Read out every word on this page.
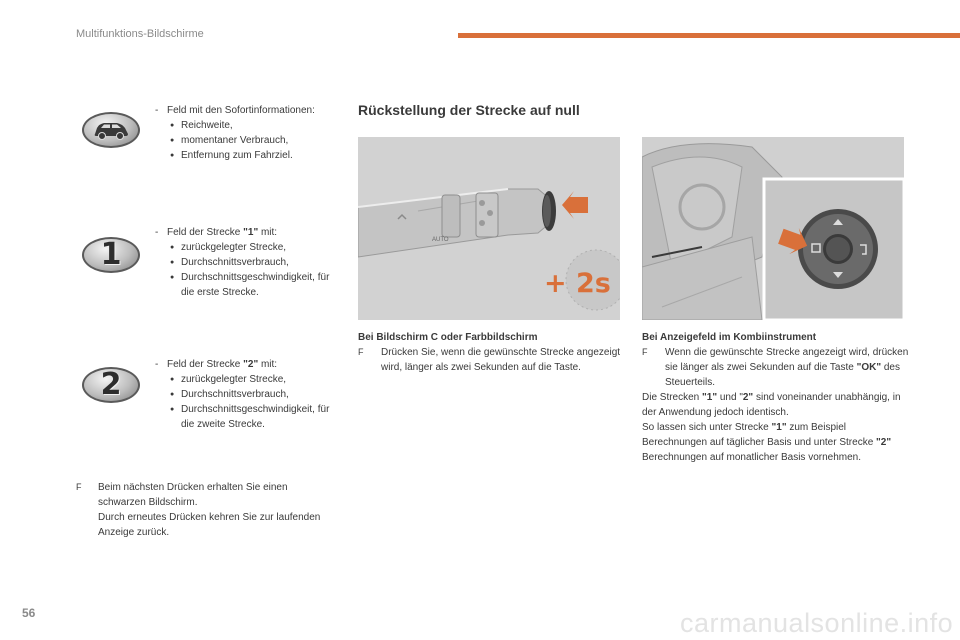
Multifunktions-Bildschirme
- Feld mit den Sofortinformationen:
● Reichweite,
● momentaner Verbrauch,
● Entfernung zum Fahrziel.
1
- Feld der Strecke "1" mit:
● zurückgelegter Strecke,
● Durchschnittsverbrauch,
● Durchschnittsgeschwindigkeit, für die erste Strecke.
2
- Feld der Strecke "2" mit:
● zurückgelegter Strecke,
● Durchschnittsverbrauch,
● Durchschnittsgeschwindigkeit, für die zweite Strecke.
F	Beim nächsten Drücken erhalten Sie einen schwarzen Bildschirm.
Durch erneutes Drücken kehren Sie zur laufenden Anzeige zurück.
Rückstellung der Strecke auf null
AUTO
+ 2s
Bei Bildschirm C oder Farbbildschirm
F Drücken Sie, wenn die gewünschte Strecke angezeigt wird, länger als zwei Sekunden auf die Taste.
Bei Anzeigefeld im Kombiinstrument
F Wenn die gewünschte Strecke angezeigt wird, drücken sie länger als zwei Sekunden auf die Taste "OK" des Steuerteils.
Die Strecken "1" und "2" sind voneinander unabhängig, in der Anwendung jedoch identisch.
So lassen sich unter Strecke "1" zum Beispiel Berechnungen auf täglicher Basis und unter Strecke "2" Berechnungen auf monatlicher Basis vornehmen.
56	carmanualsonline.info
